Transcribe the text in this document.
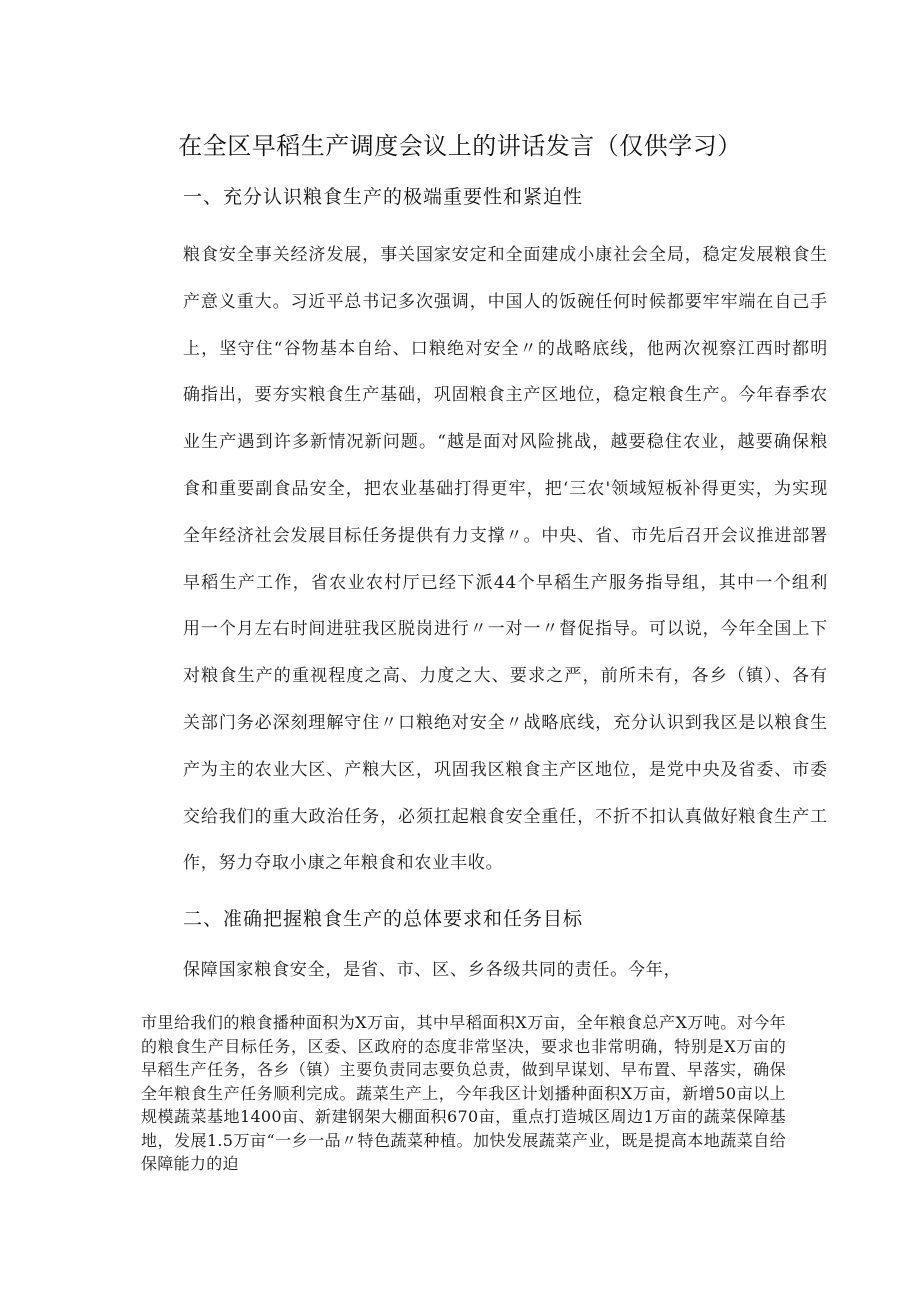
在全区早稻生产调度会议上的讲话发言（仅供学习）
一、充分认识粮食生产的极端重要性和紧迫性
粮食安全事关经济发展，事关国家安定和全面建成小康社会全局，稳定发展粮食生产意义重大。习近平总书记多次强调，中国人的饭碗任何时候都要牢牢端在自己手上，坚守住“谷物基本自给、口粮绝对安全〃的战略底线，他两次视察江西时都明确指出，要夯实粮食生产基础，巩固粮食主产区地位，稳定粮食生产。今年春季农业生产遇到许多新情况新问题。“越是面对风险挑战，越要稳住农业，越要确保粮食和重要副食品安全，把农业基础打得更牢，把‘三农'领域短板补得更实，为实现全年经济社会发展目标任务提供有力支撑〃。中央、省、市先后召开会议推进部署早稻生产工作，省农业农村厅已经下派44个早稻生产服务指导组，其中一个组利用一个月左右时间进驻我区脱岗进行〃一对一〃督促指导。可以说，今年全国上下对粮食生产的重视程度之高、力度之大、要求之严，前所未有，各乡（镇）、各有关部门务必深刻理解守住〃口粮绝对安全〃战略底线，充分认识到我区是以粮食生产为主的农业大区、产粮大区，巩固我区粮食主产区地位，是党中央及省委、市委交给我们的重大政治任务，必须扛起粮食安全重任，不折不扣认真做好粮食生产工作，努力夺取小康之年粮食和农业丰收。
二、准确把握粮食生产的总体要求和任务目标
保障国家粮食安全，是省、市、区、乡各级共同的责任。今年，
市里给我们的粮食播种面积为X万亩，其中早稻面积X万亩，全年粮食总产X万吨。对今年的粮食生产目标任务，区委、区政府的态度非常坚决，要求也非常明确，特别是X万亩的早稻生产任务，各乡（镇）主要负责同志要负总责，做到早谋划、早布置、早落实，确保全年粮食生产任务顺利完成。蔬菜生产上，今年我区计划播种面积X万亩，新增50亩以上规模蔬菜基地1400亩、新建钢架大棚面积670亩，重点打造城区周边1万亩的蔬菜保障基地，发展1.5万亩“一乡一品〃特色蔬菜种植。加快发展蔬菜产业，既是提高本地蔬菜自给保障能力的迫
